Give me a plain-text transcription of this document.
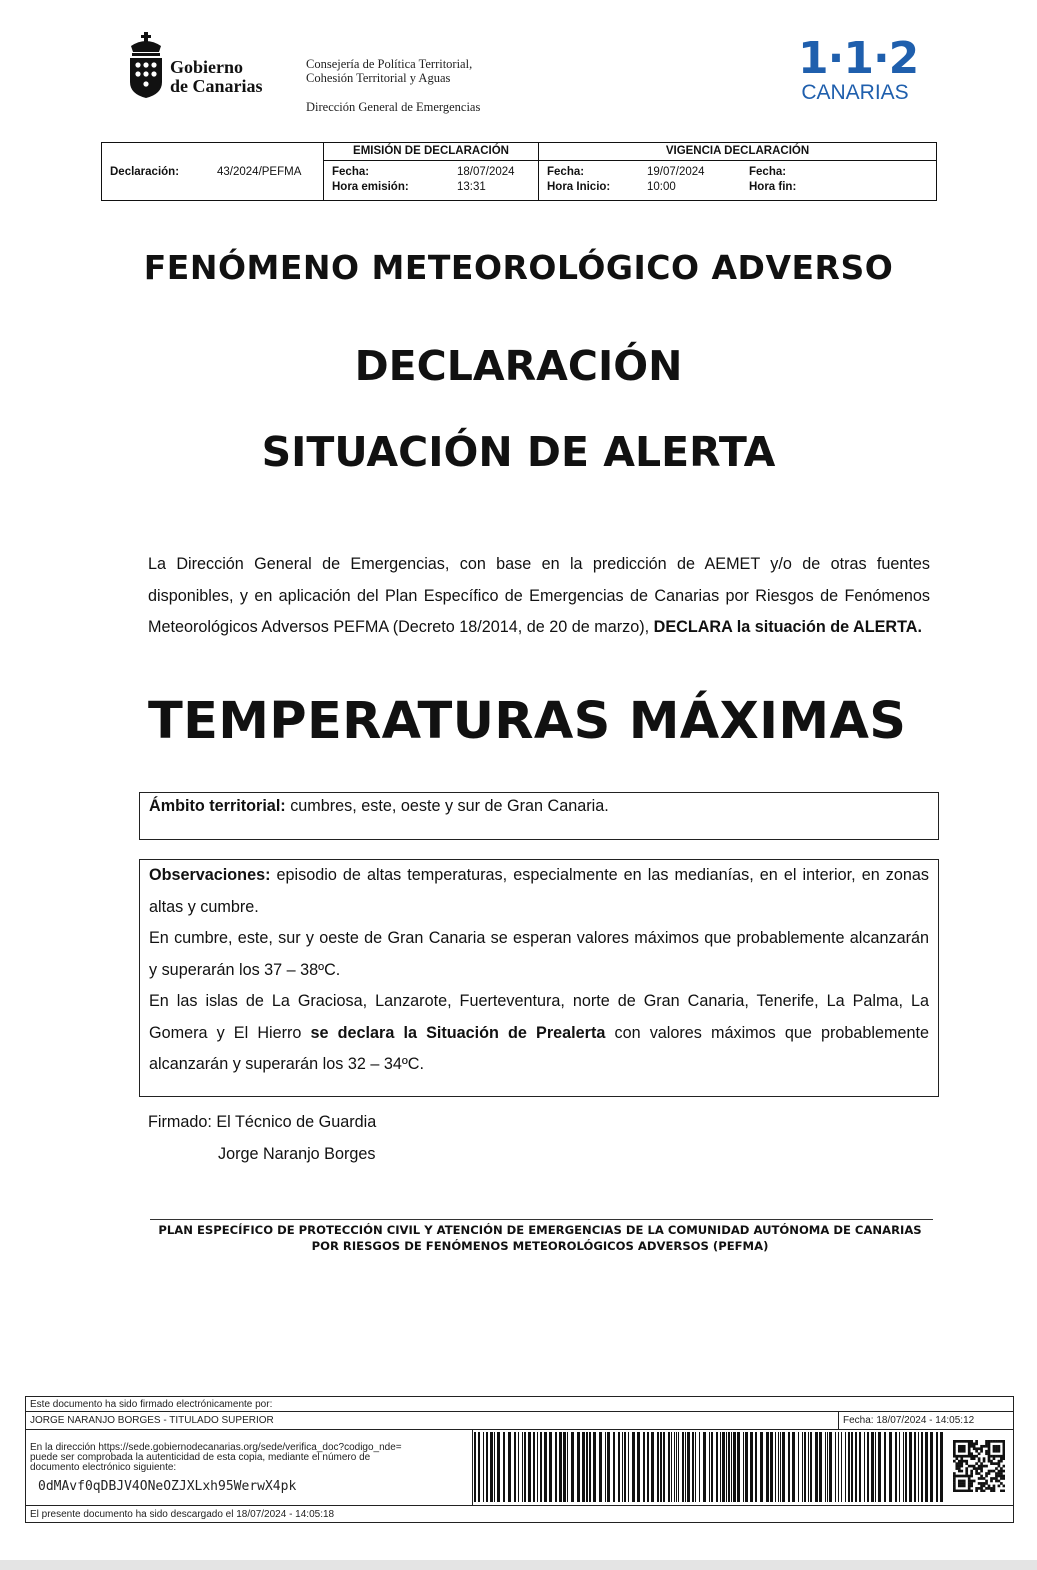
Gobierno
de Canarias
Consejería de Política Territorial,
Cohesión Territorial y Aguas
Dirección General de Emergencias
1·1·2
CANARIAS
Declaración:	43/2024/PEFMA
EMISIÓN DE DECLARACIÓN
Fecha:	18/07/2024
Hora emisión:	13:31
VIGENCIA DECLARACIÓN
Fecha:	19/07/2024
Hora Inicio:	10:00
Fecha:
Hora fin:
FENÓMENO METEOROLÓGICO ADVERSO
DECLARACIÓN
SITUACIÓN DE ALERTA
La Dirección General de Emergencias, con base en la predicción de AEMET y/o de otras fuentes disponibles, y en aplicación del Plan Específico de Emergencias de Canarias por Riesgos de Fenómenos Meteorológicos Adversos PEFMA (Decreto 18/2014, de 20 de marzo), DECLARA la situación de ALERTA.
TEMPERATURAS MÁXIMAS
Ámbito territorial: cumbres, este, oeste y sur de Gran Canaria.

Observaciones: episodio de altas temperaturas, especialmente en las medianías, en el interior, en zonas altas y cumbre.

En cumbre, este, sur y oeste de Gran Canaria se esperan valores máximos que probablemente alcanzarán y superarán los 37 – 38ºC.

En las islas de La Graciosa, Lanzarote, Fuerteventura, norte de Gran Canaria, Tenerife, La Palma, La Gomera y El Hierro se declara la Situación de Prealerta con valores máximos que probablemente alcanzarán y superarán los 32 – 34ºC.

Firmado: El Técnico de Guardia
Jorge Naranjo Borges
PLAN ESPECÍFICO DE PROTECCIÓN CIVIL Y ATENCIÓN DE EMERGENCIAS DE LA COMUNIDAD AUTÓNOMA DE CANARIAS
POR RIESGOS DE FENÓMENOS METEOROLÓGICOS ADVERSOS (PEFMA)
Este documento ha sido firmado electrónicamente por:
JORGE NARANJO BORGES - TITULADO SUPERIOR	Fecha: 18/07/2024 - 14:05:12
En la dirección https://sede.gobiernodecanarias.org/sede/verifica_doc?codigo_nde=
puede ser comprobada la autenticidad de esta copia, mediante el número de
documento electrónico siguiente:
0dMAvf0qDBJV4ONeOZJXLxh95WerwX4pk
El presente documento ha sido descargado el 18/07/2024 - 14:05:18
